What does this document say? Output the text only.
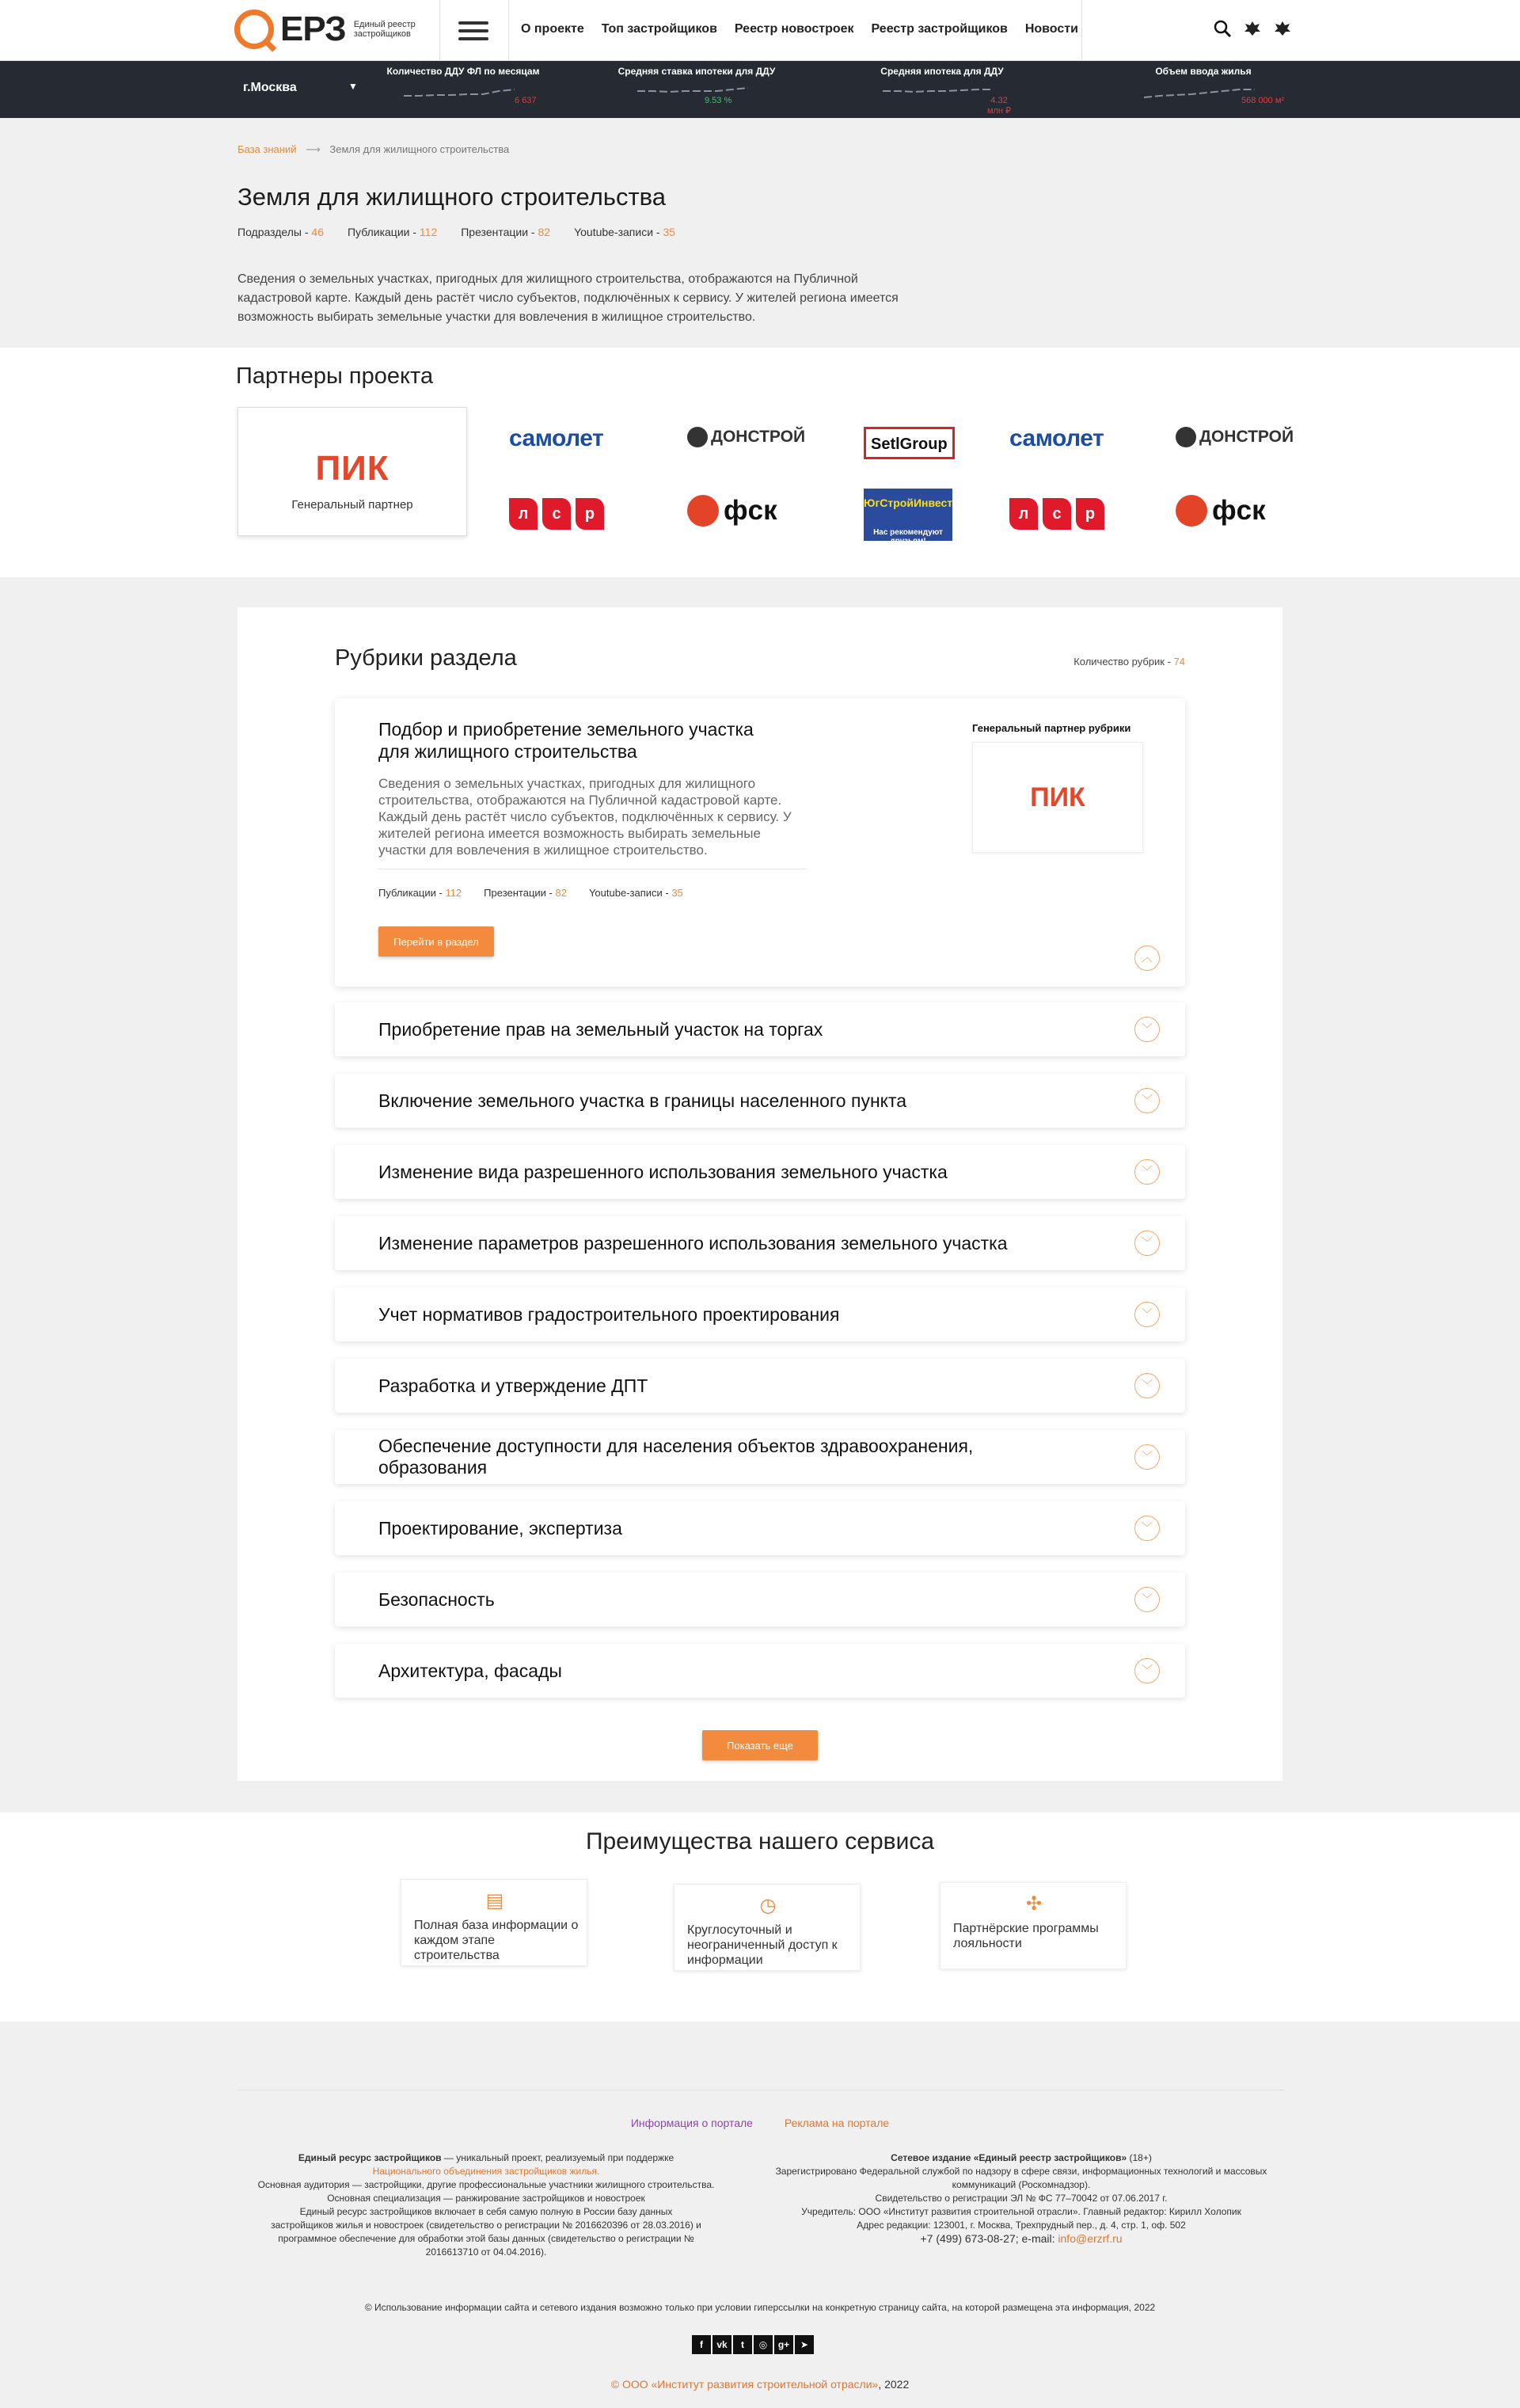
ЕРЗ Единый реестр застройщиков	О проекте Топ застройщиков Реестр новостроек Реестр застройщиков Новости
г.Москва	▼
Количество ДДУ ФЛ по месяцам
6 637
Средняя ставка ипотеки для ДДУ
9.53 %
Средняя ипотека для ДДУ
4.32 млн ₽
Объем ввода жилья
568 000 м²
База знаний ⟶ Земля для жилищного строительства
Земля для жилищного строительства
Подразделы - 46 Публикации - 112 Презентации - 82 Youtube-записи - 35

Сведения о земельных участках, пригодных для жилищного строительства, отображаются на Публичной кадастровой карте. Каждый день растёт число субъектов, подключённых к сервису. У жителей региона имеется возможность выбирать земельные участки для вовлечения в жилищное строительство.

Партнеры проекта
ПИК
Генеральный партнер
самолет	ДОНСТРОЙ	SetlGroup	самолет	ДОНСТРОЙ
л	с	р	фск	ЮгСтройИнвест
Нас рекомендуют друзьям!
л	с	р	фск
Рубрики раздела	Количество рубрик - 74
Подбор и приобретение земельного участка для жилищного строительства
Сведения о земельных участках, пригодных для жилищного строительства, отображаются на Публичной кадастровой карте. Каждый день растёт число субъектов, подключённых к сервису. У жителей региона имеется возможность выбирать земельные участки для вовлечения в жилищное строительство.
Публикации - 112 Презентации - 82 Youtube-записи - 35
Перейти в раздел
Генеральный партнер рубрики
ПИК
︿
Приобретение прав на земельный участок на торгах	﹀
Включение земельного участка в границы населенного пункта	﹀
Изменение вида разрешенного использования земельного участка	﹀
Изменение параметров разрешенного использования земельного участка	﹀
Учет нормативов градостроительного проектирования	﹀
Разработка и утверждение ДПТ	﹀
Обеспечение доступности для населения объектов здравоохранения, образования
﹀
Проектирование, экспертиза	﹀
Безопасность	﹀
Архитектура, фасады	﹀
Показать еще
Преимущества нашего сервиса
▤
Полная база информации о каждом этапе строительства
◷
Круглосуточный и неограниченный доступ к информации
✣
Партнёрские программы лояльности
Информация о портале	Реклама на портале

Единый ресурс застройщиков — уникальный проект, реализуемый при поддержке
Национального объединения застройщиков жилья.

Основная аудитория — застройщики, другие профессиональные участники жилищного строительства.

Основная специализация — ранжирование застройщиков и новостроек

Единый ресурс застройщиков включает в себя самую полную в России базу данных застройщиков жилья и новостроек (свидетельство о регистрации № 2016620396 от 28.03.2016) и программное обеспечение для обработки этой базы данных (свидетельство о регистрации № 2016613710 от 04.04.2016).

Сетевое издание «Единый реестр застройщиков» (18+)

Зарегистрировано Федеральной службой по надзору в сфере связи, информационных технологий и массовых коммуникаций (Роскомнадзор).

Свидетельство о регистрации ЭЛ № ФС 77–70042 от 07.06.2017 г.

Учредитель: ООО «Институт развития строительной отрасли». Главный редактор: Кирилл Холопик

Адрес редакции: 123001, г. Москва, Трехпрудный пер., д. 4, стр. 1, оф. 502

+7 (499) 673-08-27; e-mail: info@erzrf.ru

© Использование информации сайта и сетевого издания возможно только при условии гиперссылки на конкретную страницу сайта, на которой размещена эта информация, 2022
f	vk	t	◎	g+	➤
© ООО «Институт развития строительной отрасли», 2022
